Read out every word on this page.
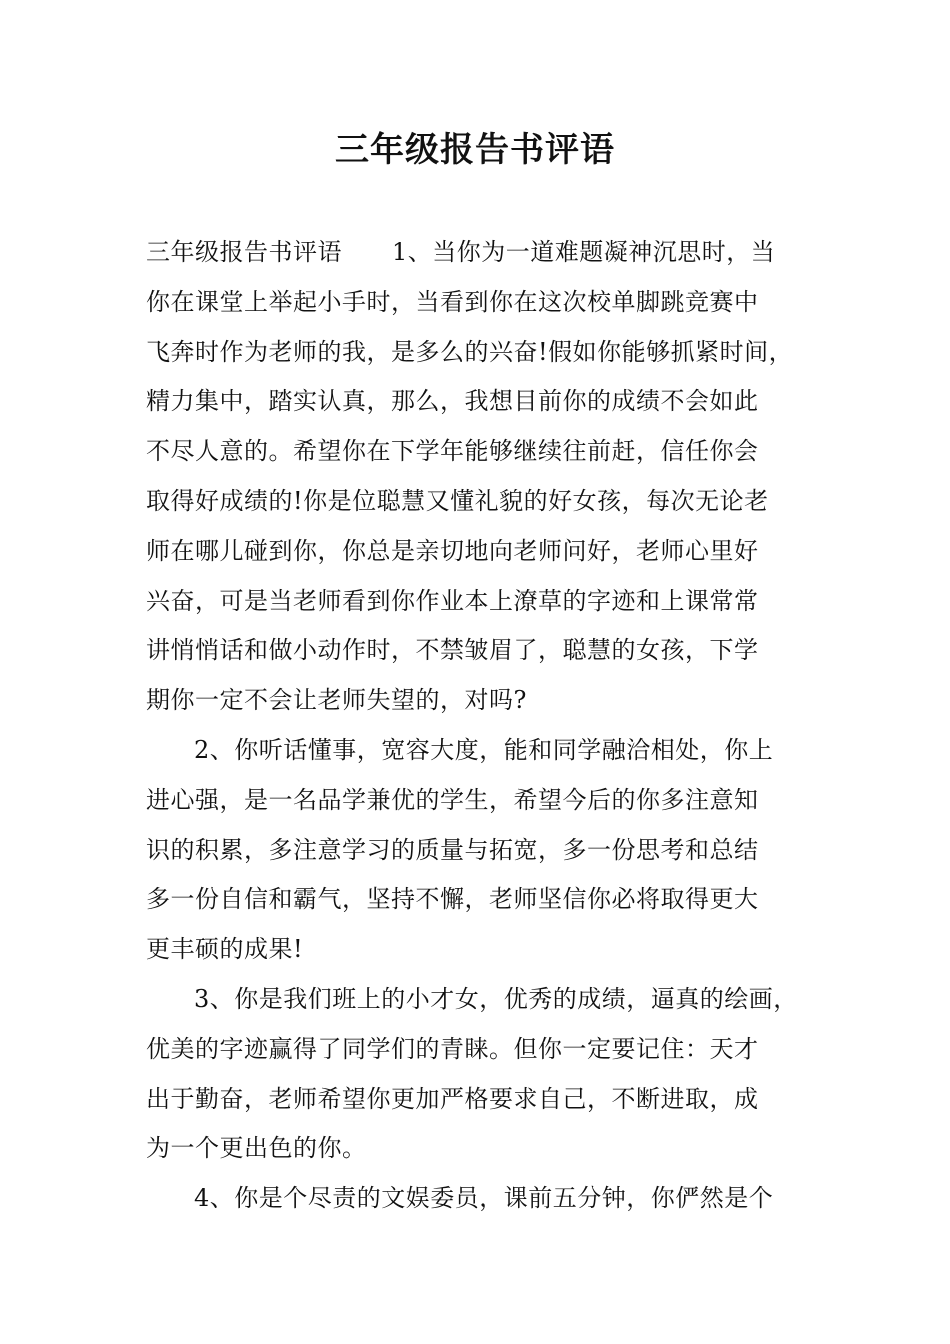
三年级报告书评语
三年级报告书评语 1、当你为一道难题凝神沉思时，当
你在课堂上举起小手时，当看到你在这次校单脚跳竞赛中
飞奔时作为老师的我，是多么的兴奋!假如你能够抓紧时间，
精力集中，踏实认真，那么，我想目前你的成绩不会如此
不尽人意的。希望你在下学年能够继续往前赶，信任你会
取得好成绩的!你是位聪慧又懂礼貌的好女孩，每次无论老
师在哪儿碰到你，你总是亲切地向老师问好，老师心里好
兴奋，可是当老师看到你作业本上潦草的字迹和上课常常
讲悄悄话和做小动作时，不禁皱眉了，聪慧的女孩，下学
期你一定不会让老师失望的，对吗?
2、你听话懂事，宽容大度，能和同学融洽相处，你上
进心强，是一名品学兼优的学生，希望今后的你多注意知
识的积累，多注意学习的质量与拓宽，多一份思考和总结
多一份自信和霸气，坚持不懈，老师坚信你必将取得更大
更丰硕的成果!
3、你是我们班上的小才女，优秀的成绩，逼真的绘画，
优美的字迹赢得了同学们的青睐。但你一定要记住：天才
出于勤奋，老师希望你更加严格要求自己，不断进取，成
为一个更出色的你。
4、你是个尽责的文娱委员，课前五分钟，你俨然是个
